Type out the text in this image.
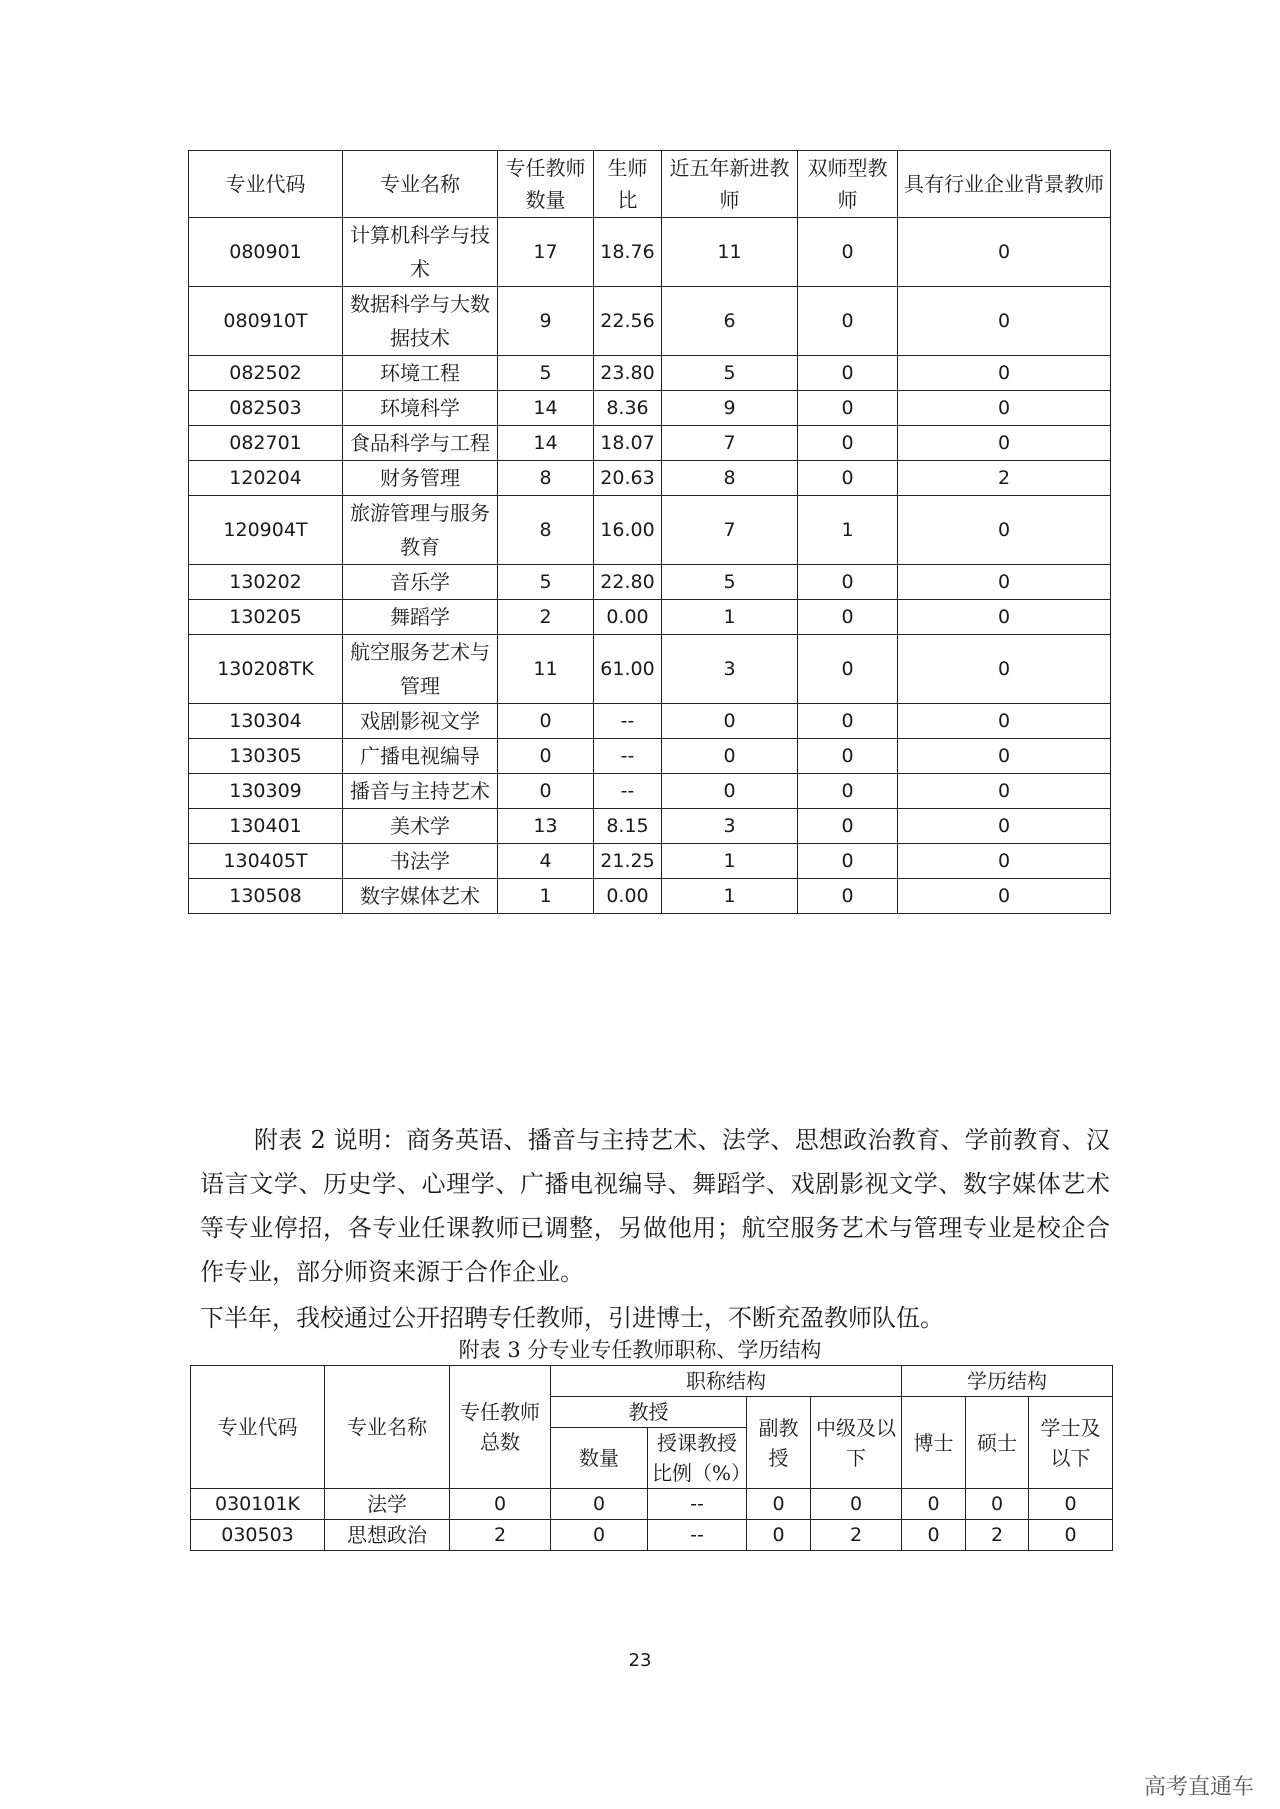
专业代码	专业名称	专任教师数量	生师比	近五年新进教师	双师型教师	具有行业企业背景教师
080901	计算机科学与技术	17	18.76	11	0	0
080910T	数据科学与大数据技术	9	22.56	6	0	0
082502	环境工程	5	23.80	5	0	0
082503	环境科学	14	8.36	9	0	0
082701	食品科学与工程	14	18.07	7	0	0
120204	财务管理	8	20.63	8	0	2
120904T	旅游管理与服务教育	8	16.00	7	1	0
130202	音乐学	5	22.80	5	0	0
130205	舞蹈学	2	0.00	1	0	0
130208TK	航空服务艺术与管理	11	61.00	3	0	0
130304	戏剧影视文学	0	--	0	0	0
130305	广播电视编导	0	--	0	0	0
130309	播音与主持艺术	0	--	0	0	0
130401	美术学	13	8.15	3	0	0
130405T	书法学	4	21.25	1	0	0
130508	数字媒体艺术	1	0.00	1	0	0
附表 2 说明：商务英语、播音与主持艺术、法学、思想政治教育、学前教育、汉语言文学、历史学、心理学、广播电视编导、舞蹈学、戏剧影视文学、数字媒体艺术等专业停招，各专业任课教师已调整，另做他用；航空服务艺术与管理专业是校企合作专业，部分师资来源于合作企业。
下半年，我校通过公开招聘专任教师，引进博士，不断充盈教师队伍。
附表 3 分专业专任教师职称、学历结构
专业代码	专业名称	专任教师总数	职称结构				学历结构		
			教授		副教授	中级及以下	博士	硕士	学士及以下
			数量	授课教授比例（%）					
030101K	法学	0	0	--	0	0	0	0	0
030503	思想政治	2	0	--	0	2	0	2	0
23
高考直通车
